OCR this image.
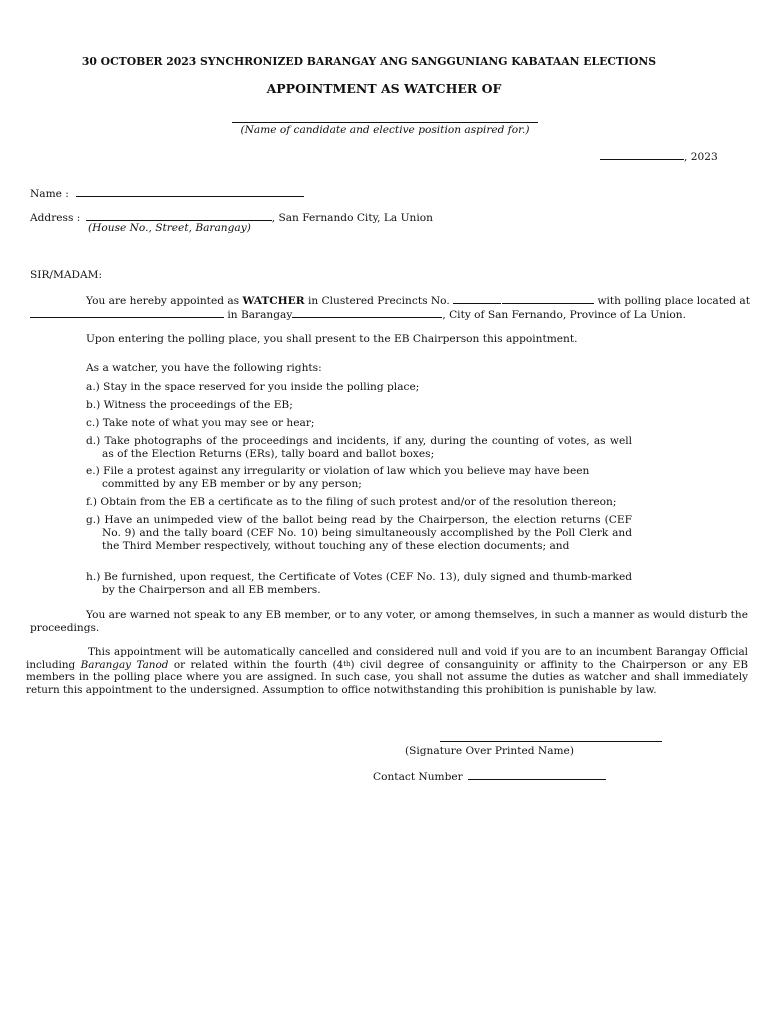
30 OCTOBER 2023 SYNCHRONIZED BARANGAY ANG SANGGUNIANG KABATAAN ELECTIONS
APPOINTMENT AS WATCHER OF
(Name of candidate and elective position aspired for.)
, 2023
Name :
Address :	, San Fernando City, La Union
(House No., Street, Barangay)
SIR/MADAM:
You are hereby appointed as WATCHER in Clustered Precincts No.	with polling place located at
in Barangay	, City of San Fernando, Province of La Union.
Upon entering the polling place, you shall present to the EB Chairperson this appointment.
As a watcher, you have the following rights:
a.) Stay in the space reserved for you inside the polling place;
b.) Witness the proceedings of the EB;
c.) Take note of what you may see or hear;
d.) Take photographs of the proceedings and incidents, if any, during the counting of votes, as well as of the Election Returns (ERs), tally board and ballot boxes;
e.) File a protest against any irregularity or violation of law which you believe may have been committed by any EB member or by any person;
f.) Obtain from the EB a certificate as to the filing of such protest and/or of the resolution thereon;
g.) Have an unimpeded view of the ballot being read by the Chairperson, the election returns (CEF No. 9) and the tally board (CEF No. 10) being simultaneously accomplished by the Poll Clerk and the Third Member respectively, without touching any of these election documents; and
h.) Be furnished, upon request, the Certificate of Votes (CEF No. 13), duly signed and thumb-marked by the Chairperson and all EB members.
You are warned not speak to any EB member, or to any voter, or among themselves, in such a manner as would disturb the proceedings.
This appointment will be automatically cancelled and considered null and void if you are to an incumbent Barangay Official including Barangay Tanod or related within the fourth (4th) civil degree of consanguinity or affinity to the Chairperson or any EB members in the polling place where you are assigned. In such case, you shall not assume the duties as watcher and shall immediately return this appointment to the undersigned. Assumption to office notwithstanding this prohibition is punishable by law.
(Signature Over Printed Name)
Contact Number
